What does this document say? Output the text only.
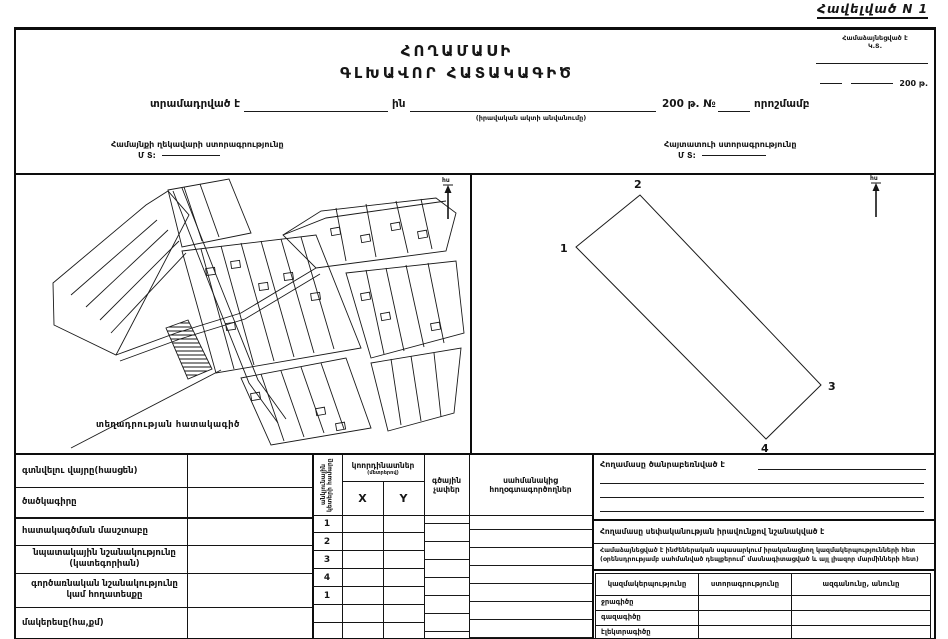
Հավելված N 1
ՀՈՂԱՄԱՍԻ
ԳԼԽԱՎՈՐ ՀԱՏԱԿԱԳԻԾ
Համաձայնեցված է
Կ.Տ.
200 թ.
տրամադրված է	ին	200 թ. №	որոշմամբ
(իրավական ակտի անվանումը)
Համայնքի ղեկավարի ստորագրությունը
Մ Տ:
Հայտատուի ստորագրությունը
Մ Տ:
հս
տեղադրության հատակագիծ
1
2
3
4
հս
գտնվելու վայրը(հասցեն)
ծածկագիրը
հատակագծման մասշտաբը
նպատակային նշանակությունը (կատեգորիան)
գործառնական նշանակությունը կամ հողատեսքը
մակերեսը(հա,քմ)
անկյունային կետերի համարը կոորդինատներ
(մետրերով)
X	Y
գծային չափեր
սահմանակից հողօգտագործողներ
1
2
3
4
1
Հողամասը ծանրաբեռնված է
Հողամասը սեփականության իրավունքով նշանակված է
Համաձայնեցված է ինժեներական սպասարկում իրականացնող կազմակերպությունների հետ
(օրենսդրությամբ սահմանված դեպքերում՝ մասնագիտացված և այլ լիազոր մարմինների հետ)
կազմակերպությունը	ստորագրությունը	ազգանունը, անունը
ջրագիծը
գազագիծը
էլեկտրագիծը
